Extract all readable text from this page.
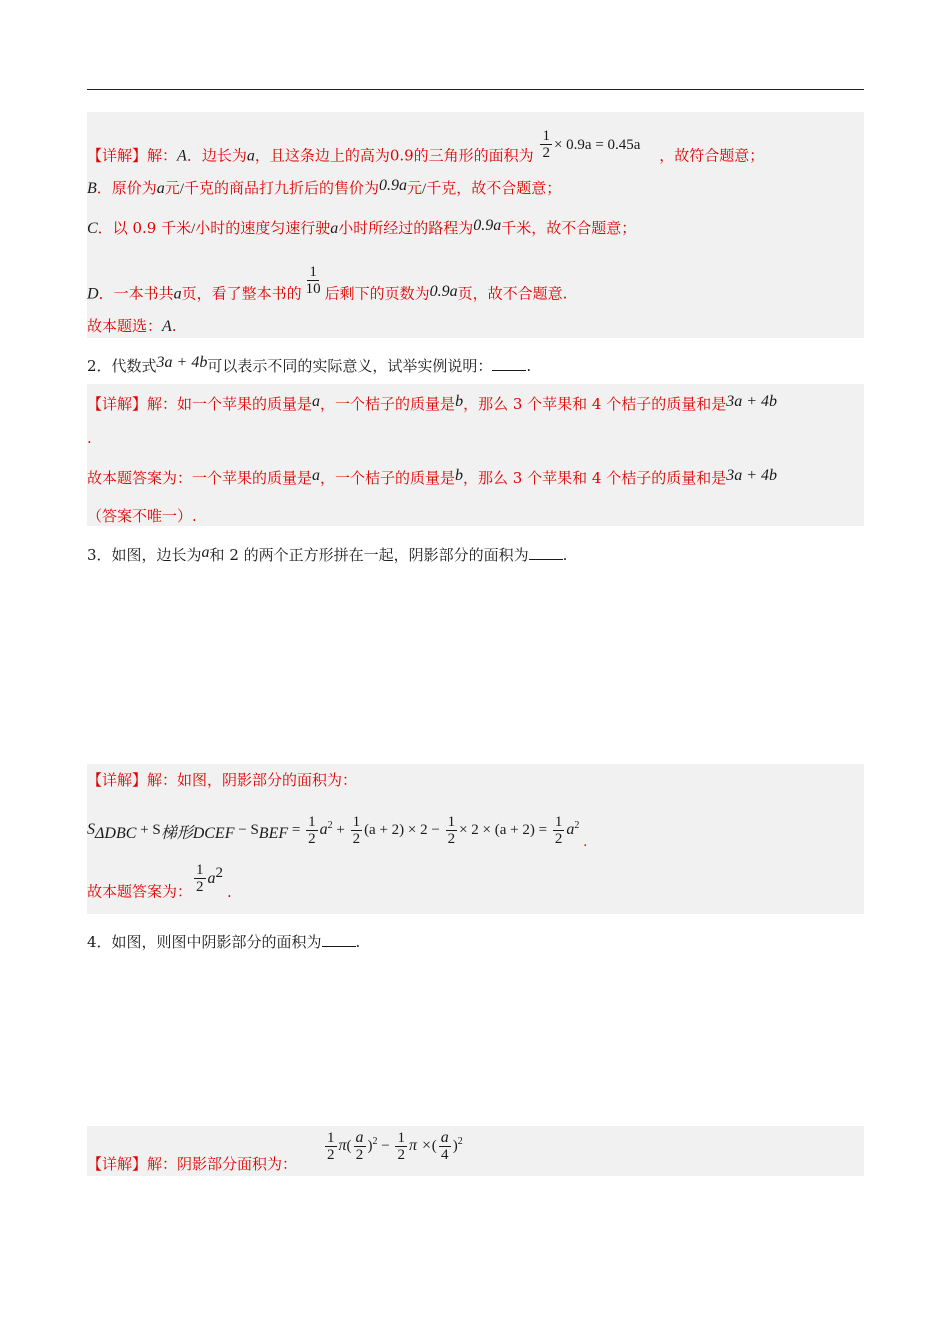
【详解】解：A．边长为a，且这条边上的高为0.9的三角形的面积为 $\frac{1}{2} \times 0.9a = 0.45a$ ，故符合题意；
B．原价为a元/千克的商品打九折后的售价为0.9a元/千克，故不合题意；
C．以 0.9 千米/小时的速度匀速行驶a小时所经过的路程为0.9a千米，故不合题意；
D．一本书共a页，看了整本书的 $\frac{1}{10}$ 后剩下的页数为0.9a页，故不合题意.
故本题选：A.
2．代数式3a + 4b可以表示不同的实际意义，试举实例说明： .
【详解】解：如一个苹果的质量是a，一个桔子的质量是b，那么 3 个苹果和 4 个桔子的质量和是3a + 4b
.
故本题答案为：一个苹果的质量是a，一个桔子的质量是b，那么 3 个苹果和 4 个桔子的质量和是3a + 4b
（答案不唯一）.
3．如图，边长为a和 2 的两个正方形拼在一起，阴影部分的面积为 .
【详解】解：如图，阴影部分的面积为：
$S_{\Delta DBC} + S_{梯形DCEF} - S_{BEF} = \frac{1}{2} a^2 + \frac{1}{2} (a + 2) \times 2 - \frac{1}{2} \times 2 \times (a + 2) = \frac{1}{2} a^2$.
故本题答案为： $\frac{1}{2} a^2$.
4．如图，则图中阴影部分的面积为 .
【详解】解：阴影部分面积为：
$\frac{1}{2} \pi( \frac{a}{2} )^2 - \frac{1}{2}$ π ×( $\frac{a}{4} )^2$
